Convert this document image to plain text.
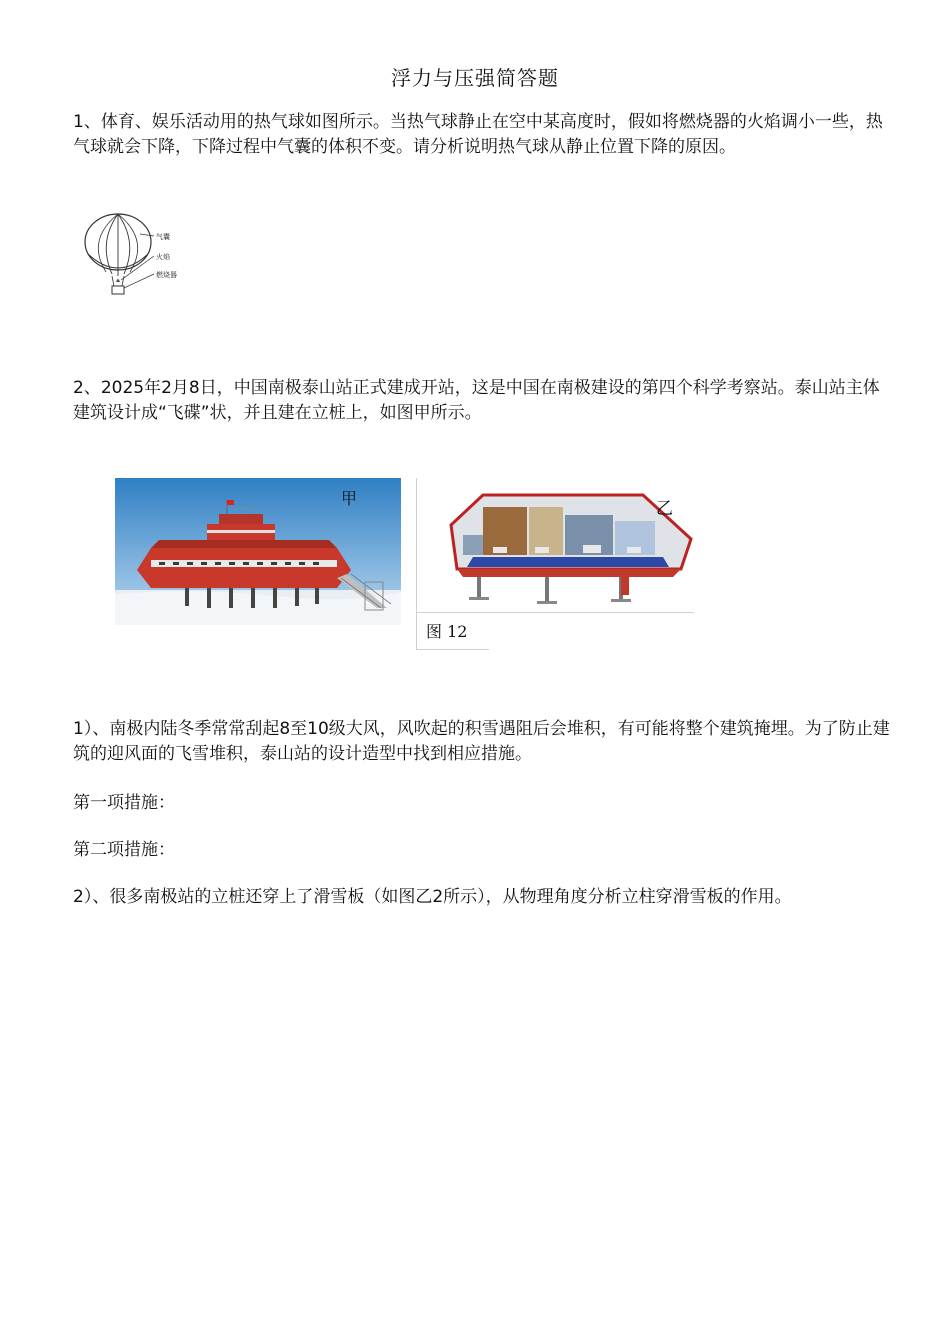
浮力与压强简答题

1、体育、娱乐活动用的热气球如图所示。当热气球静止在空中某高度时，假如将燃烧器的火焰调小一些，热气球就会下降，下降过程中气囊的体积不变。请分析说明热气球从静止位置下降的原因。

气囊
火焰
燃烧器

2、2025年2月8日，中国南极泰山站正式建成开站，这是中国在南极建设的第四个科学考察站。泰山站主体建筑设计成“飞碟”状，并且建在立桩上，如图甲所示。

图 12
甲
乙

1）、南极内陆冬季常常刮起8至10级大风，风吹起的积雪遇阻后会堆积，有可能将整个建筑掩埋。为了防止建筑的迎风面的飞雪堆积，泰山站的设计造型中找到相应措施。

第一项措施：

第二项措施：

2）、很多南极站的立桩还穿上了滑雪板（如图乙2所示），从物理角度分析立柱穿滑雪板的作用。
